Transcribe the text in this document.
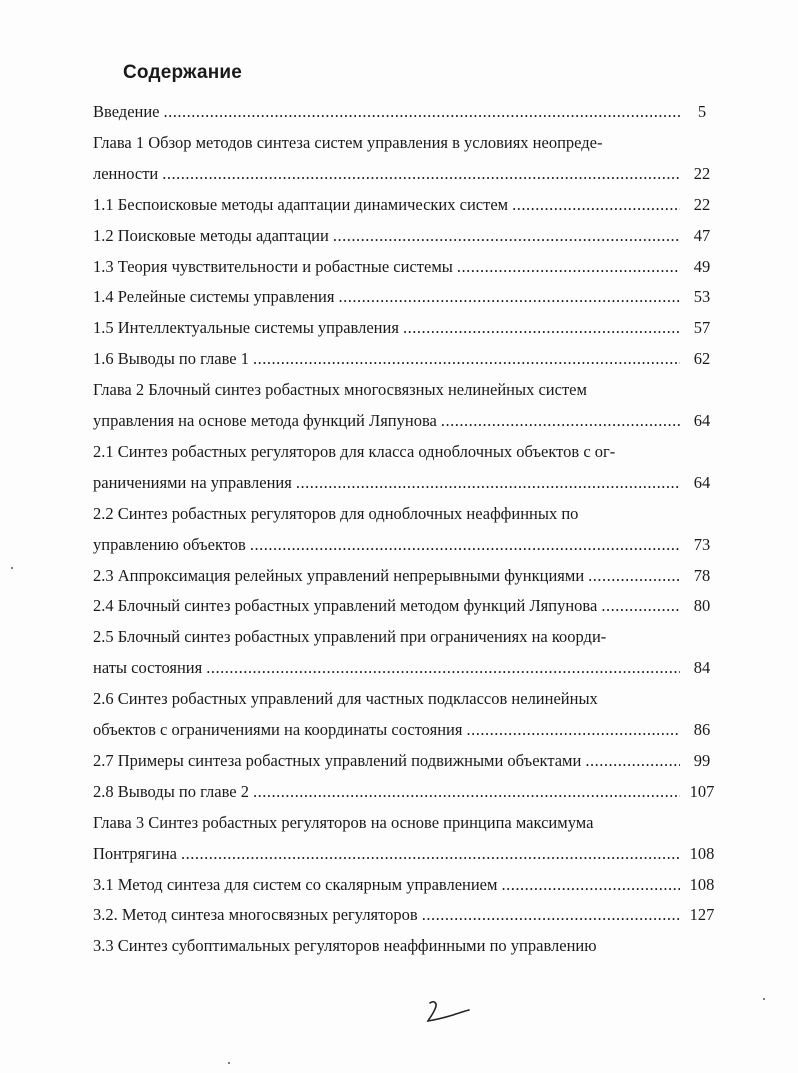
Содержание
5
Введение
.....
Глава 1 Обзор методов синтеза систем управления в условиях неопреде-
22
ленности
.....
22
1.1 Беспоисковые методы адаптации динамических систем
.....
47
1.2 Поисковые методы адаптации
.....
49
1.3 Теория чувствительности и робастные системы
.....
53
1.4 Релейные системы управления
.....
57
1.5 Интеллектуальные системы управления
.....
62
1.6 Выводы по главе 1
.....
Глава 2 Блочный синтез робастных многосвязных нелинейных систем
64
управления на основе метода функций Ляпунова
.....
2.1 Синтез робастных регуляторов для класса одноблочных объектов с ог-
64
раничениями на управления
.....
2.2 Синтез робастных регуляторов для одноблочных неаффинных по
73
управлению объектов
.....
78
2.3 Аппроксимация релейных управлений непрерывными функциями
.....
80
2.4 Блочный синтез робастных управлений методом функций Ляпунова
.....
2.5 Блочный синтез робастных управлений при ограничениях на коорди-
84
наты состояния
.....
2.6 Синтез робастных управлений для частных подклассов нелинейных
86
объектов с ограничениями на координаты состояния
.....
99
2.7 Примеры синтеза робастных управлений подвижными объектами
.....
107
2.8 Выводы по главе 2
.....
Глава 3 Синтез робастных регуляторов на основе принципа максимума
108
Понтрягина
.....
108
3.1 Метод синтеза для систем со скалярным управлением
.....
127
3.2. Метод синтеза многосвязных регуляторов
.....
3.3 Синтез субоптимальных регуляторов неаффинными по управлению
